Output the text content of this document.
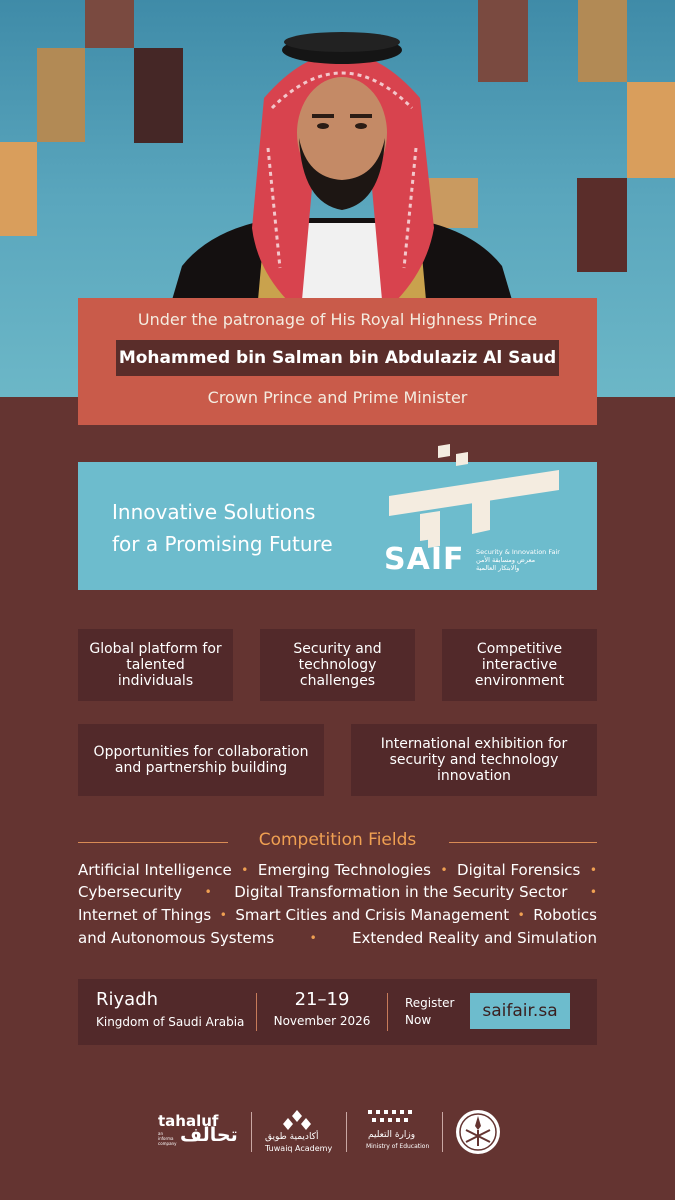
Under the patronage of His Royal Highness Prince
Mohammed bin Salman bin Abdulaziz Al Saud
Crown Prince and Prime Minister
Innovative Solutions
for a Promising Future SAIF Security & Innovation Fair
معرض ومسابقة الأمن
والابتكار العالمية
Global platform for talented individuals
Security and technology challenges
Competitive interactive environment
Opportunities for collaboration and partnership building
International exhibition for security and technology innovation
Competition Fields
Artificial Intelligence • Emerging Technologies • Digital Forensics •
Cybersecurity • Digital Transformation in the Security Sector •
Internet of Things • Smart Cities and Crisis Management • Robotics
and Autonomous Systems	• Extended Reality and Simulation
Riyadh
Kingdom of Saudi Arabia
21–19
November 2026
Register
Now	saifair.sa
tahaluf
an informa company تحالف	أكاديمية طويق
Tuwaiq Academy
وزارة التعليم
Ministry of Education
